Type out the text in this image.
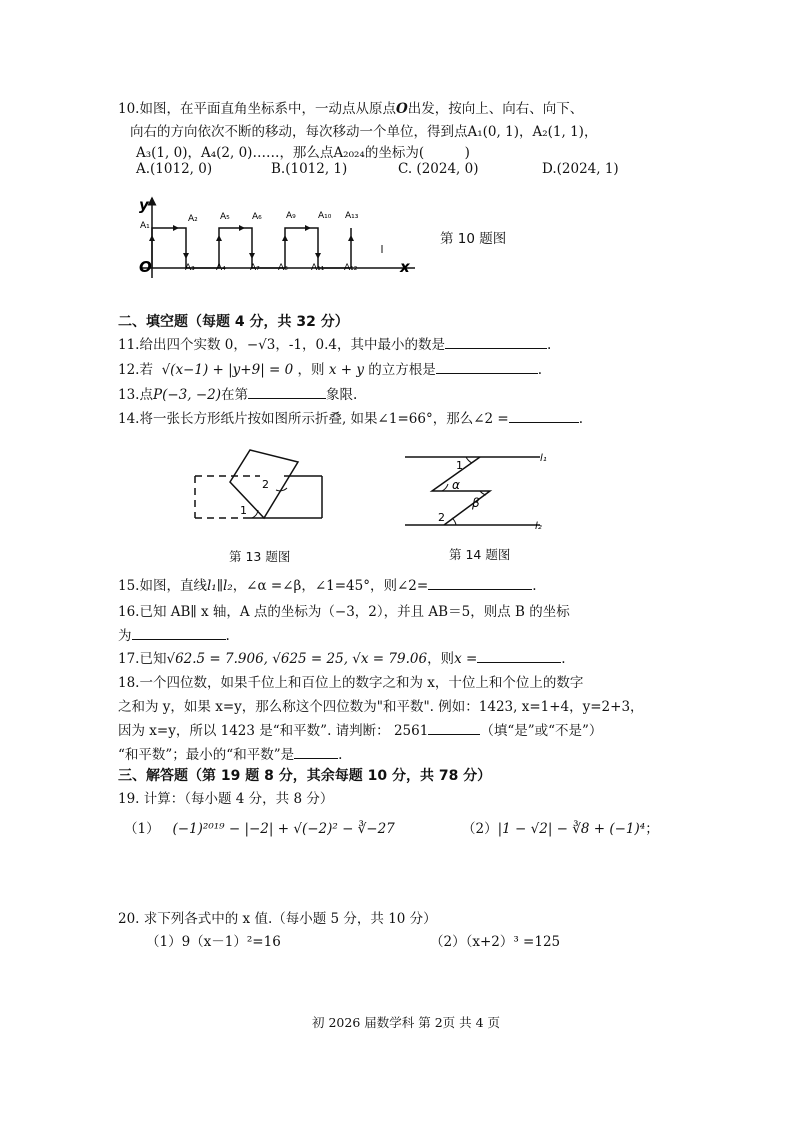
10.如图，在平面直角坐标系中，一动点从原点O出发，按向上、向右、向下、
向右的方向依次不断的移动，每次移动一个单位，得到点A₁(0, 1)，A₂(1, 1)，
A₃(1, 0)，A₄(2, 0)……，那么点A₂₀₂₄的坐标为(　　　)
A.(1012, 0)	B.(1012, 1)	C. (2024, 0)	D.(2024, 1)
y
O	x
A₁
A₂ A₅ A₆	A₉ A₁₀ A₁₃
A₃ A₄	A₇ A₈	A₁₁ A₁₂
第 10 题图
二、填空题（每题 4 分，共 32 分）
11.给出四个实数 0，−√3，-1，0.4，其中最小的数是	.
12.若 √(x−1) + |y+9| = 0 ，则 x + y 的立方根是	.
13.点P(−3, −2)在第	象限.
14.将一张长方形纸片按如图所示折叠, 如果∠1=66°，那么∠2 =	.
2
1
第 13 题图
1
α
β
2
l₁
l₂
第 14 题图
15.如图，直线l₁∥l₂，∠α =∠β，∠1=45°，则∠2=	.
16.已知 AB∥ x 轴，A 点的坐标为（−3，2），并且 AB＝5，则点 B 的坐标
为	.
17.已知√62.5 = 7.906, √625 = 25, √x = 79.06，则x =	.
18.一个四位数，如果千位上和百位上的数字之和为 x，十位上和个位上的数字
之和为 y，如果 x=y，那么称这个四位数为"和平数". 例如：1423, x=1+4，y=2+3，
因为 x=y，所以 1423 是“和平数”. 请判断： 2561	（填“是”或“不是”）
“和平数”；最小的“和平数”是	.
三、解答题（第 19 题 8 分，其余每题 10 分，共 78 分）
19. 计算：（每小题 4 分，共 8 分）
（1） (−1)²⁰¹⁹ − |−2| + √(−2)² − ∛−27	（2）|1 − √2| − ∛8 + (−1)⁴；
20. 求下列各式中的 x 值.（每小题 5 分，共 10 分）
（1）9（x－1）²=16	（2）（x+2）³ =125
初 2026 届数学科 第 2页 共 4 页
